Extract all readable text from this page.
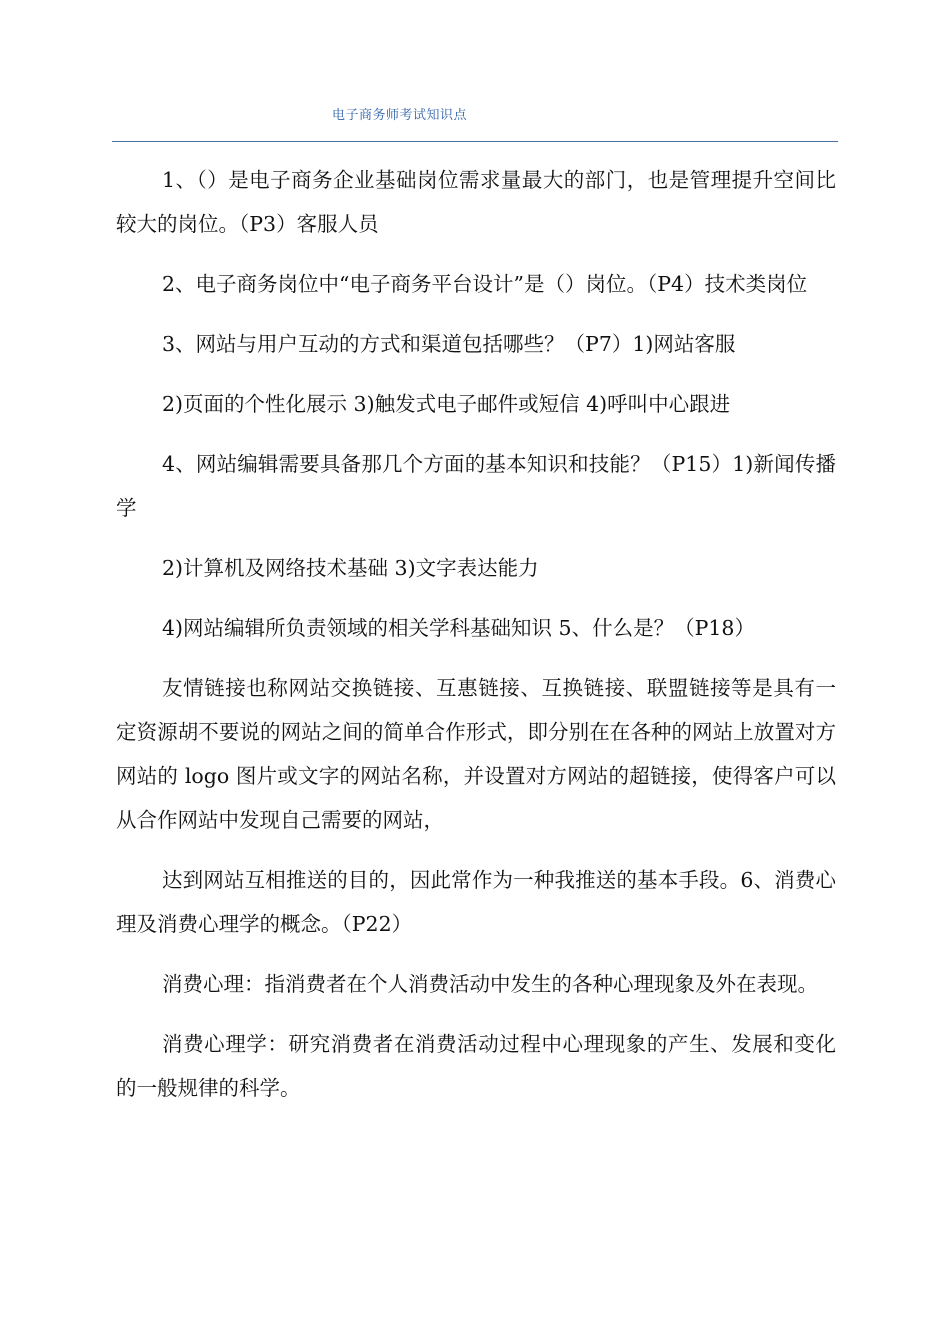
电子商务师考试知识点

1、（）是电子商务企业基础岗位需求量最大的部门，也是管理提升空间比较大的岗位。（P3）客服人员

2、电子商务岗位中“电子商务平台设计”是（）岗位。（P4）技术类岗位

3、网站与用户互动的方式和渠道包括哪些？（P7）1)网站客服

2)页面的个性化展示 3)触发式电子邮件或短信 4)呼叫中心跟进

4、网站编辑需要具备那几个方面的基本知识和技能？（P15）1)新闻传播学

2)计算机及网络技术基础 3)文字表达能力

4)网站编辑所负责领域的相关学科基础知识 5、什么是？（P18）

友情链接也称网站交换链接、互惠链接、互换链接、联盟链接等是具有一定资源胡不要说的网站之间的简单合作形式，即分别在在各种的网站上放置对方网站的 logo 图片或文字的网站名称，并设置对方网站的超链接，使得客户可以从合作网站中发现自己需要的网站，

达到网站互相推送的目的，因此常作为一种我推送的基本手段。6、消费心理及消费心理学的概念。（P22）

消费心理：指消费者在个人消费活动中发生的各种心理现象及外在表现。

消费心理学：研究消费者在消费活动过程中心理现象的产生、发展和变化的一般规律的科学。
